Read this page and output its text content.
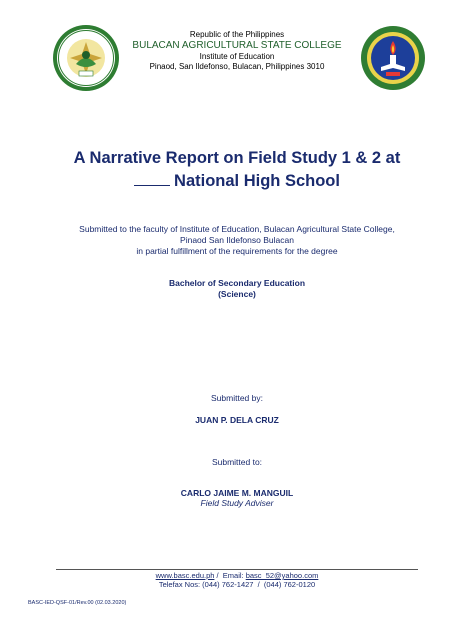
Republic of the Philippines
BULACAN AGRICULTURAL STATE COLLEGE
Institute of Education
Pinaod, San Ildefonso, Bulacan, Philippines 3010
A Narrative Report on Field Study 1 & 2 at
National High School
Submitted to the faculty of Institute of Education, Bulacan Agricultural State College,
Pinaod San Ildefonso Bulacan
in partial fulfillment of the requirements for the degree
Bachelor of Secondary Education
(Science)
Submitted by:
JUAN P. DELA CRUZ
Submitted to:
CARLO JAIME M. MANGUIL
Field Study Adviser
www.basc.edu.ph /  Email: basc_52@yahoo.com
Telefax Nos: (044) 762-1427  /  (044) 762-0120
BASC-IED-QSF-01/Rev.00 (02.03.2020)
